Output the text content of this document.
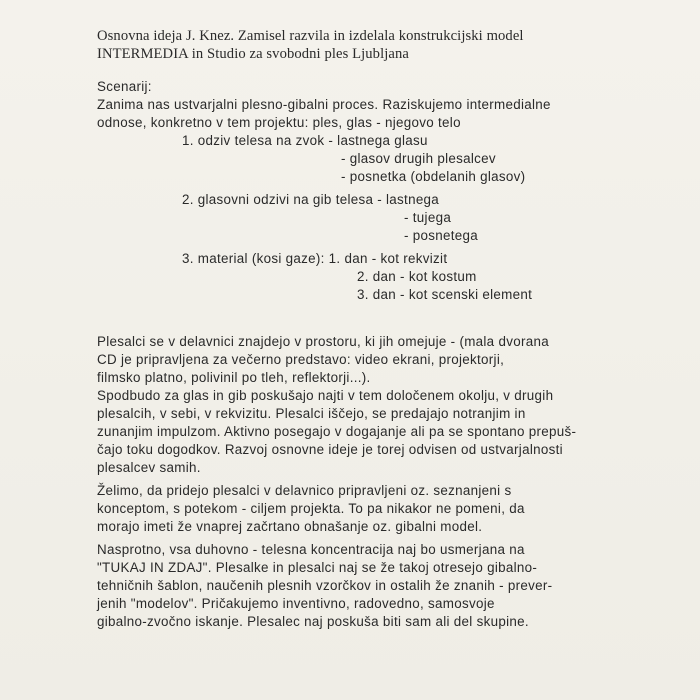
Osnovna ideja J. Knez. Zamisel razvila in izdelala konstrukcijski model
INTERMEDIA in Studio za svobodni ples Ljubljana
Scenarij:
Zanima nas ustvarjalni plesno-gibalni proces. Raziskujemo intermedialne
odnose, konkretno v tem projektu: ples, glas - njegovo telo
1. odziv telesa na zvok - lastnega glasu
- glasov drugih plesalcev
- posnetka (obdelanih glasov)
2. glasovni odzivi na gib telesa - lastnega
- tujega
- posnetega
3. material (kosi gaze): 1. dan - kot rekvizit
2. dan - kot kostum
3. dan - kot scenski element
Plesalci se v delavnici znajdejo v prostoru, ki jih omejuje - (mala dvorana
CD je pripravljena za večerno predstavo: video ekrani, projektorji,
filmsko platno, polivinil po tleh, reflektorji...).
Spodbudo za glas in gib poskušajo najti v tem določenem okolju, v drugih
plesalcih, v sebi, v rekvizitu. Plesalci iščejo, se predajajo notranjim in
zunanjim impulzom. Aktivno posegajo v dogajanje ali pa se spontano prepuš-
čajo toku dogodkov. Razvoj osnovne ideje je torej odvisen od ustvarjalnosti
plesalcev samih.
Želimo, da pridejo plesalci v delavnico pripravljeni oz. seznanjeni s
konceptom, s potekom - ciljem projekta. To pa nikakor ne pomeni, da
morajo imeti že vnaprej začrtano obnašanje oz. gibalni model.
Nasprotno, vsa duhovno - telesna koncentracija naj bo usmerjana na
"TUKAJ IN ZDAJ". Plesalke in plesalci naj se že takoj otresejo gibalno-
tehničnih šablon, naučenih plesnih vzorčkov in ostalih že znanih - prever-
jenih "modelov". Pričakujemo inventivno, radovedno, samosvoje
gibalno-zvočno iskanje. Plesalec naj poskuša biti sam ali del skupine.
